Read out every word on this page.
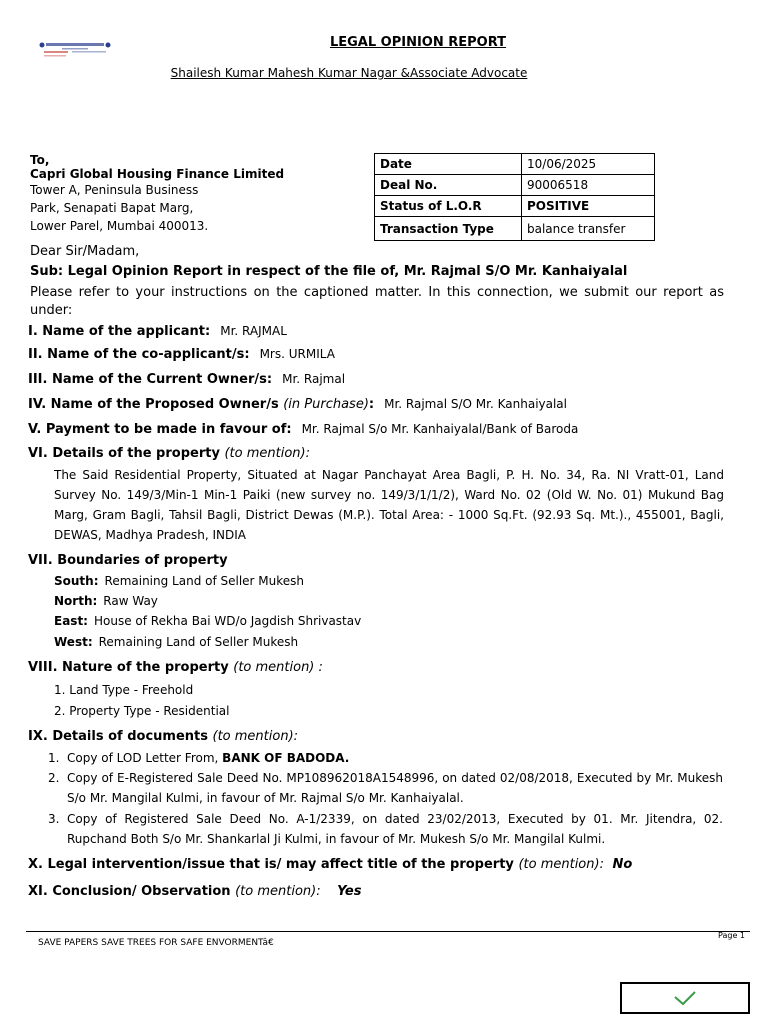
LEGAL OPINION REPORT
Shailesh Kumar Mahesh Kumar Nagar &Associate Advocate
To,
Capri Global Housing Finance Limited
Tower A, Peninsula Business
Park, Senapati Bapat Marg,
Lower Parel, Mumbai 400013.
Date	10/06/2025
Deal No.	90006518
Status of L.O.R	POSITIVE
Transaction Type	balance transfer
Dear Sir/Madam,
Sub: Legal Opinion Report in respect of the file of, Mr. Rajmal S/O Mr. Kanhaiyalal
Please refer to your instructions on the captioned matter. In this connection, we submit our report as under:
I. Name of the applicant: Mr. RAJMAL
II. Name of the co-applicant/s: Mrs. URMILA
III. Name of the Current Owner/s: Mr. Rajmal
IV. Name of the Proposed Owner/s (in Purchase): Mr. Rajmal S/O Mr. Kanhaiyalal
V. Payment to be made in favour of: Mr. Rajmal S/o Mr. Kanhaiyalal/Bank of Baroda
VI. Details of the property (to mention):
The Said Residential Property, Situated at Nagar Panchayat Area Bagli, P. H. No. 34, Ra. NI Vratt-01, Land Survey No. 149/3/Min-1 Min-1 Paiki (new survey no. 149/3/1/1/2), Ward No. 02 (Old W. No. 01) Mukund Bag Marg, Gram Bagli, Tahsil Bagli, District Dewas (M.P.). Total Area: - 1000 Sq.Ft. (92.93 Sq. Mt.)., 455001, Bagli, DEWAS, Madhya Pradesh, INDIA
VII. Boundaries of property
South: Remaining Land of Seller Mukesh
North: Raw Way
East: House of Rekha Bai WD/o Jagdish Shrivastav
West: Remaining Land of Seller Mukesh
VIII. Nature of the property (to mention) :
1. Land Type - Freehold
2. Property Type - Residential
IX. Details of documents (to mention):
1. Copy of LOD Letter From, BANK OF BADODA.
2. Copy of E-Registered Sale Deed No. MP108962018A1548996, on dated 02/08/2018, Executed by Mr. Mukesh S/o Mr. Mangilal Kulmi, in favour of Mr. Rajmal S/o Mr. Kanhaiyalal.
3. Copy of Registered Sale Deed No. A-1/2339, on dated 23/02/2013, Executed by 01. Mr. Jitendra, 02. Rupchand Both S/o Mr. Shankarlal Ji Kulmi, in favour of Mr. Mukesh S/o Mr. Mangilal Kulmi.
X. Legal intervention/issue that is/ may affect title of the property (to mention): No
XI. Conclusion/ Observation (to mention): Yes
Page 1
SAVE PAPERS SAVE TREES FOR SAFE ENVORMENTâ€
